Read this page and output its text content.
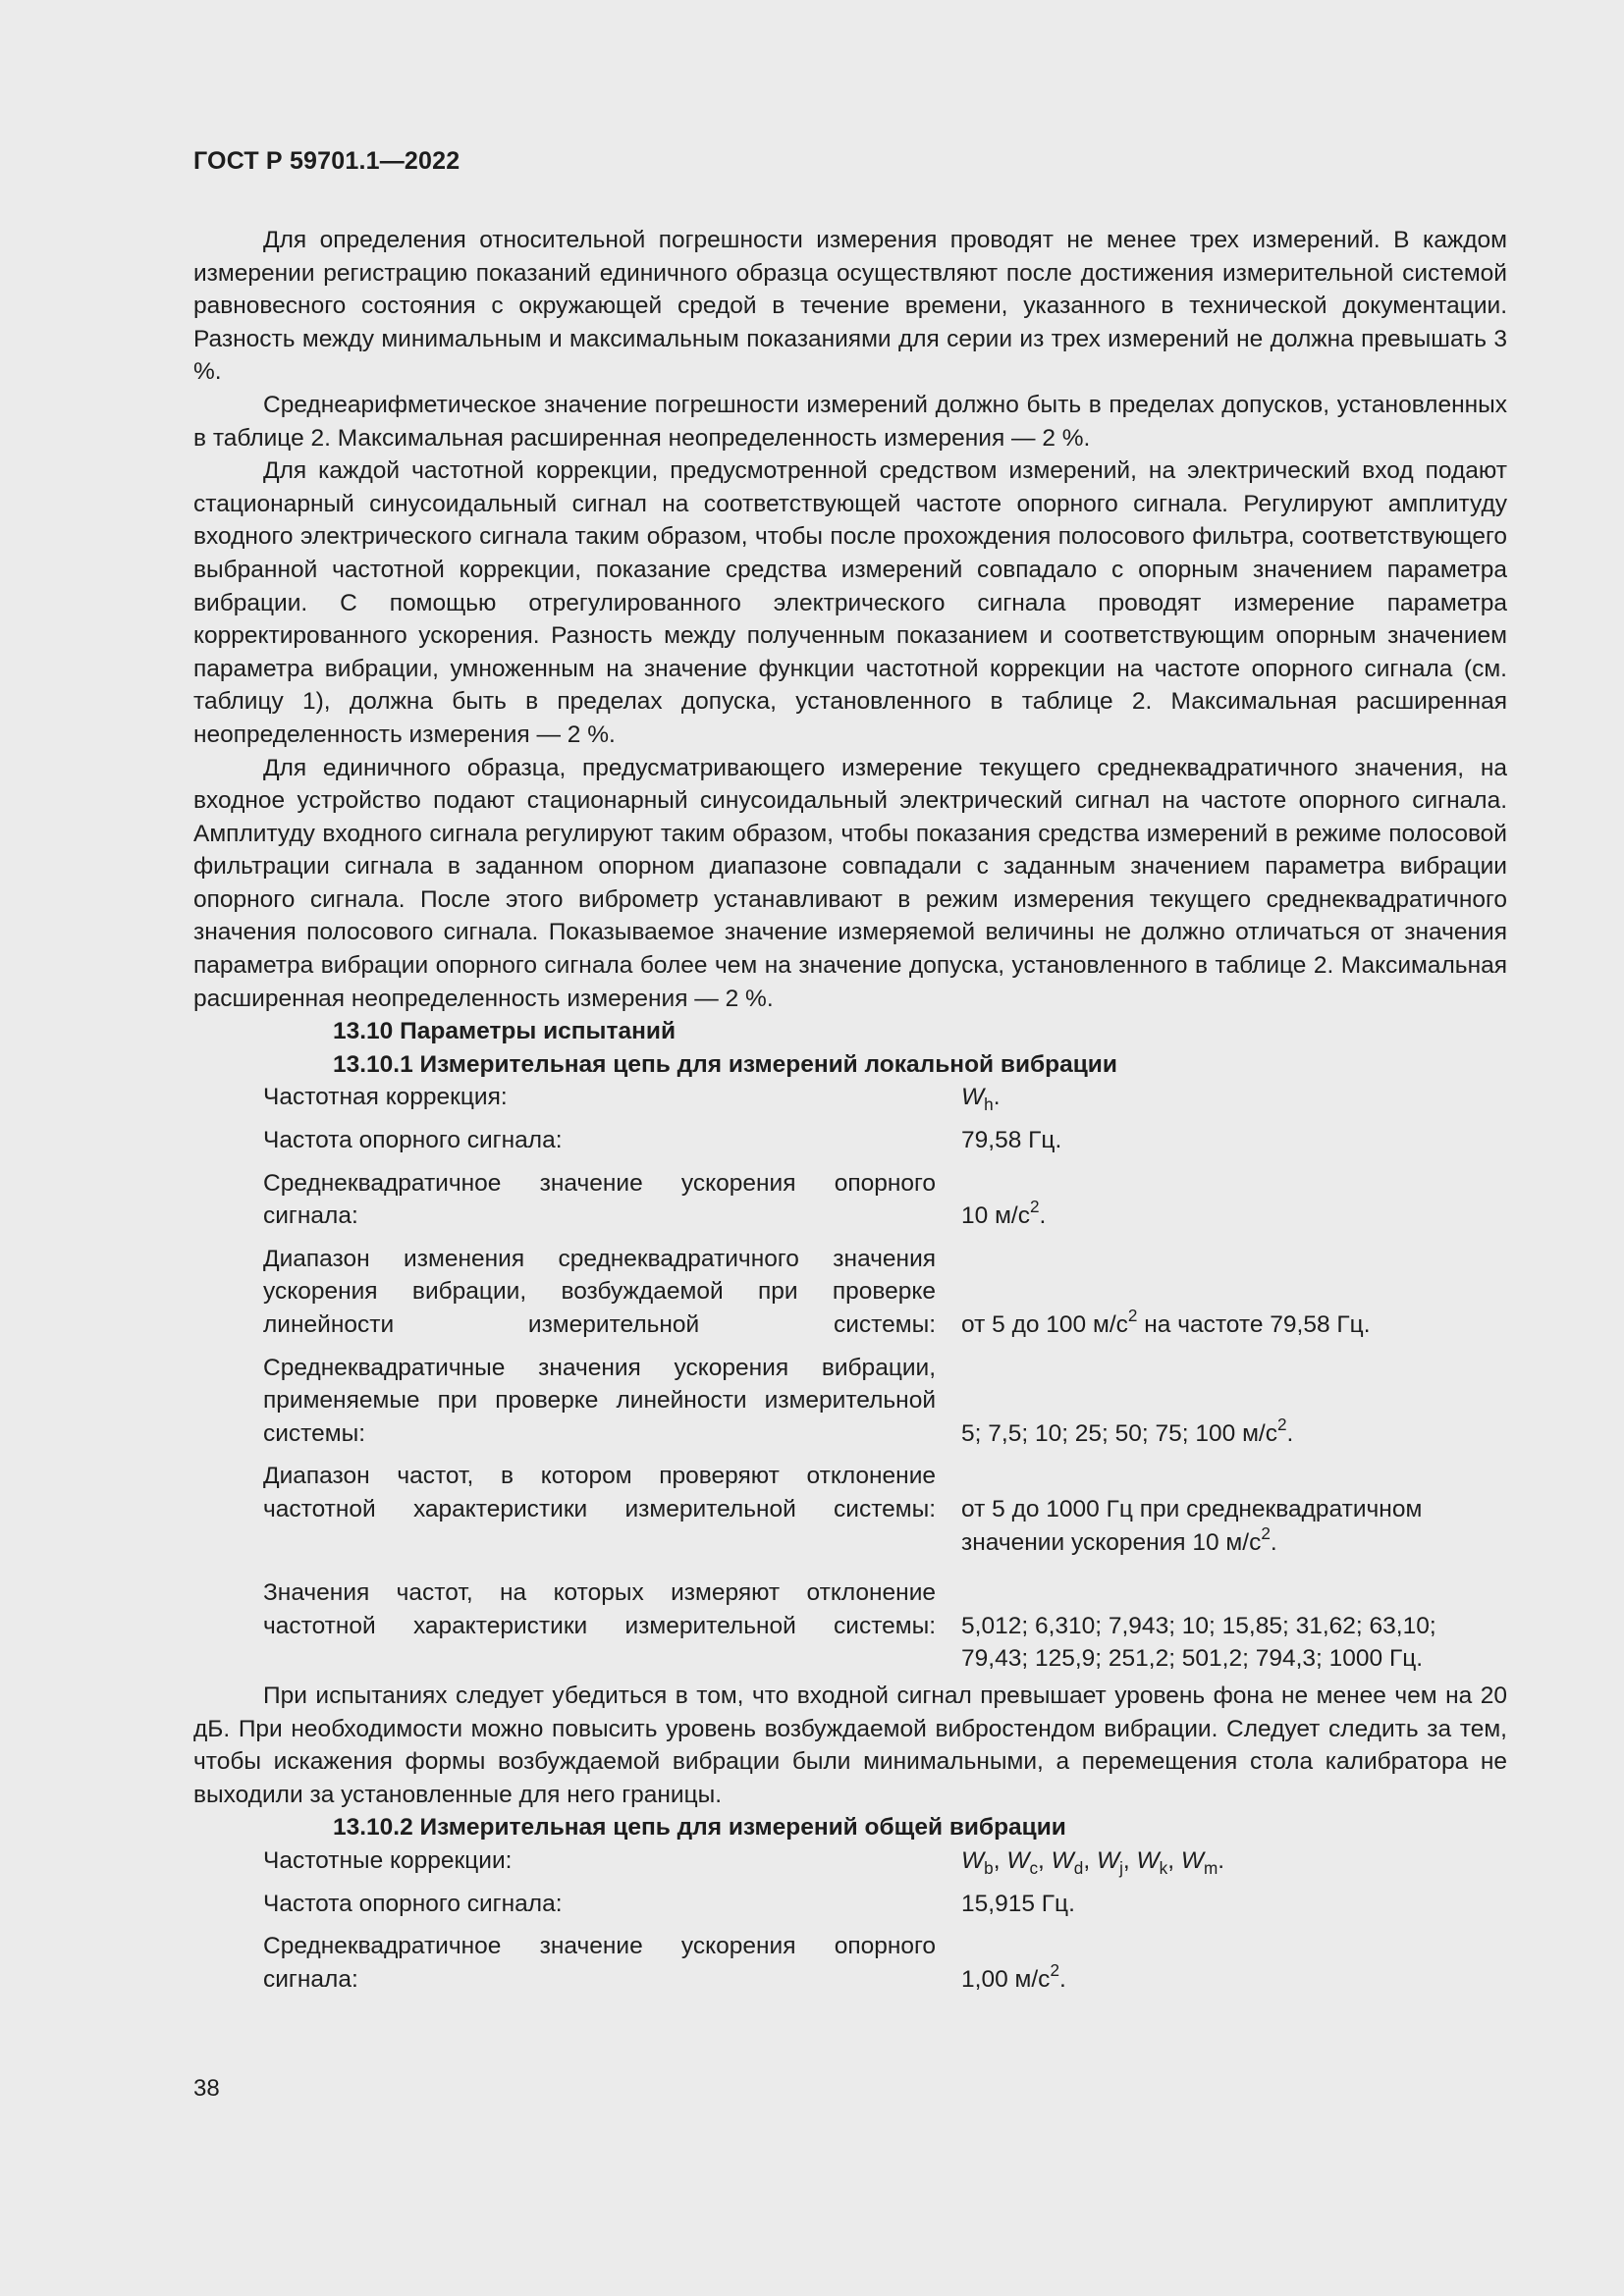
ГОСТ Р 59701.1—2022

Для определения относительной погрешности измерения проводят не менее трех измерений. В каждом измерении регистрацию показаний единичного образца осуществляют после достижения измерительной системой равновесного состояния с окружающей средой в течение времени, указанного в технической документации. Разность между минимальным и максимальным показаниями для серии из трех измерений не должна превышать 3 %.

Среднеарифметическое значение погрешности измерений должно быть в пределах допусков, установленных в таблице 2. Максимальная расширенная неопределенность измерения — 2 %.

Для каждой частотной коррекции, предусмотренной средством измерений, на электрический вход подают стационарный синусоидальный сигнал на соответствующей частоте опорного сигнала. Регулируют амплитуду входного электрического сигнала таким образом, чтобы после прохождения полосового фильтра, соответствующего выбранной частотной коррекции, показание средства измерений совпадало с опорным значением параметра вибрации. С помощью отрегулированного электрического сигнала проводят измерение параметра корректированного ускорения. Разность между полученным показанием и соответствующим опорным значением параметра вибрации, умноженным на значение функции частотной коррекции на частоте опорного сигнала (см. таблицу 1), должна быть в пределах допуска, установленного в таблице 2. Максимальная расширенная неопределенность измерения — 2 %.

Для единичного образца, предусматривающего измерение текущего среднеквадратичного значения, на входное устройство подают стационарный синусоидальный электрический сигнал на частоте опорного сигнала. Амплитуду входного сигнала регулируют таким образом, чтобы показания средства измерений в режиме полосовой фильтрации сигнала в заданном опорном диапазоне совпадали с заданным значением параметра вибрации опорного сигнала. После этого виброметр устанавливают в режим измерения текущего среднеквадратичного значения полосового сигнала. Показываемое значение измеряемой величины не должно отличаться от значения параметра вибрации опорного сигнала более чем на значение допуска, установленного в таблице 2. Максимальная расширенная неопределенность измерения — 2 %.

13.10 Параметры испытаний

13.10.1 Измерительная цепь для измерений локальной вибрации

Частотная коррекция:	$W_h$.
Частота опорного сигнала:	79,58 Гц.
Среднеквадратичное значение ускорения опорного сигнала:	10 $м/с^2$.
Диапазон изменения среднеквадратичного значения ускорения вибрации, возбуждаемой при проверке линейности измерительной системы: от 5 до 100 $м/с^2$ на частоте 79,58 Гц.
Среднеквадратичные значения ускорения вибрации, применяемые при проверке линейности измерительной системы:	5; 7,5; 10; 25; 50; 75; 100 $м/с^2$.
Диапазон частот, в котором проверяют отклонение частотной характеристики измерительной системы: от 5 до 1000 Гц при среднеквадратичном значении ускорения 10 $м/с^2$.
Значения частот, на которых измеряют отклонение частотной характеристики измерительной системы: 5,012; 6,310; 7,943; 10; 15,85; 31,62; 63,10; 79,43; 125,9; 251,2; 501,2; 794,3; 1000 Гц.

При испытаниях следует убедиться в том, что входной сигнал превышает уровень фона не менее чем на 20 дБ. При необходимости можно повысить уровень возбуждаемой вибростендом вибрации. Следует следить за тем, чтобы искажения формы возбуждаемой вибрации были минимальными, а перемещения стола калибратора не выходили за установленные для него границы.

13.10.2 Измерительная цепь для измерений общей вибрации

Частотные коррекции:	$W_b$, $W_c$, $W_d$, $W_j$, $W_k$, $W_m$.
Частота опорного сигнала:	15,915 Гц.
Среднеквадратичное значение ускорения опорного сигнала:	1,00 $м/с^2$.
38
